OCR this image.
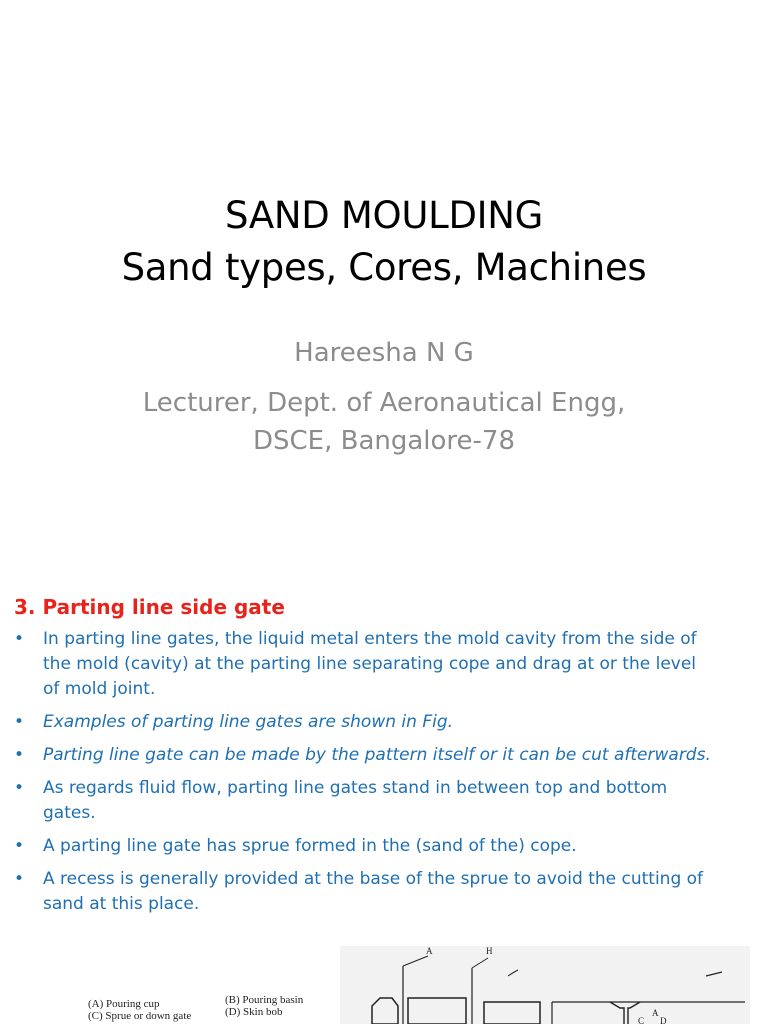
SAND MOULDING
Sand types, Cores, Machines
Hareesha N G
Lecturer, Dept. of Aeronautical Engg,
DSCE, Bangalore-78
3. Parting line side gate
• In parting line gates, the liquid metal enters the mold cavity from the side of the mold (cavity) at the parting line separating cope and drag at or the level of mold joint.
• Examples of parting line gates are shown in Fig.
• Parting line gate can be made by the pattern itself or it can be cut afterwards.
• As regards fluid flow, parting line gates stand in between top and bottom gates.
• A parting line gate has sprue formed in the (sand of the) cope.
• A recess is generally provided at the base of the sprue to avoid the cutting of sand at this place.
A	H
A
C D
(A) Pouring cup	(B) Pouring basin
(C) Sprue or down gate	(D) Skin bob
